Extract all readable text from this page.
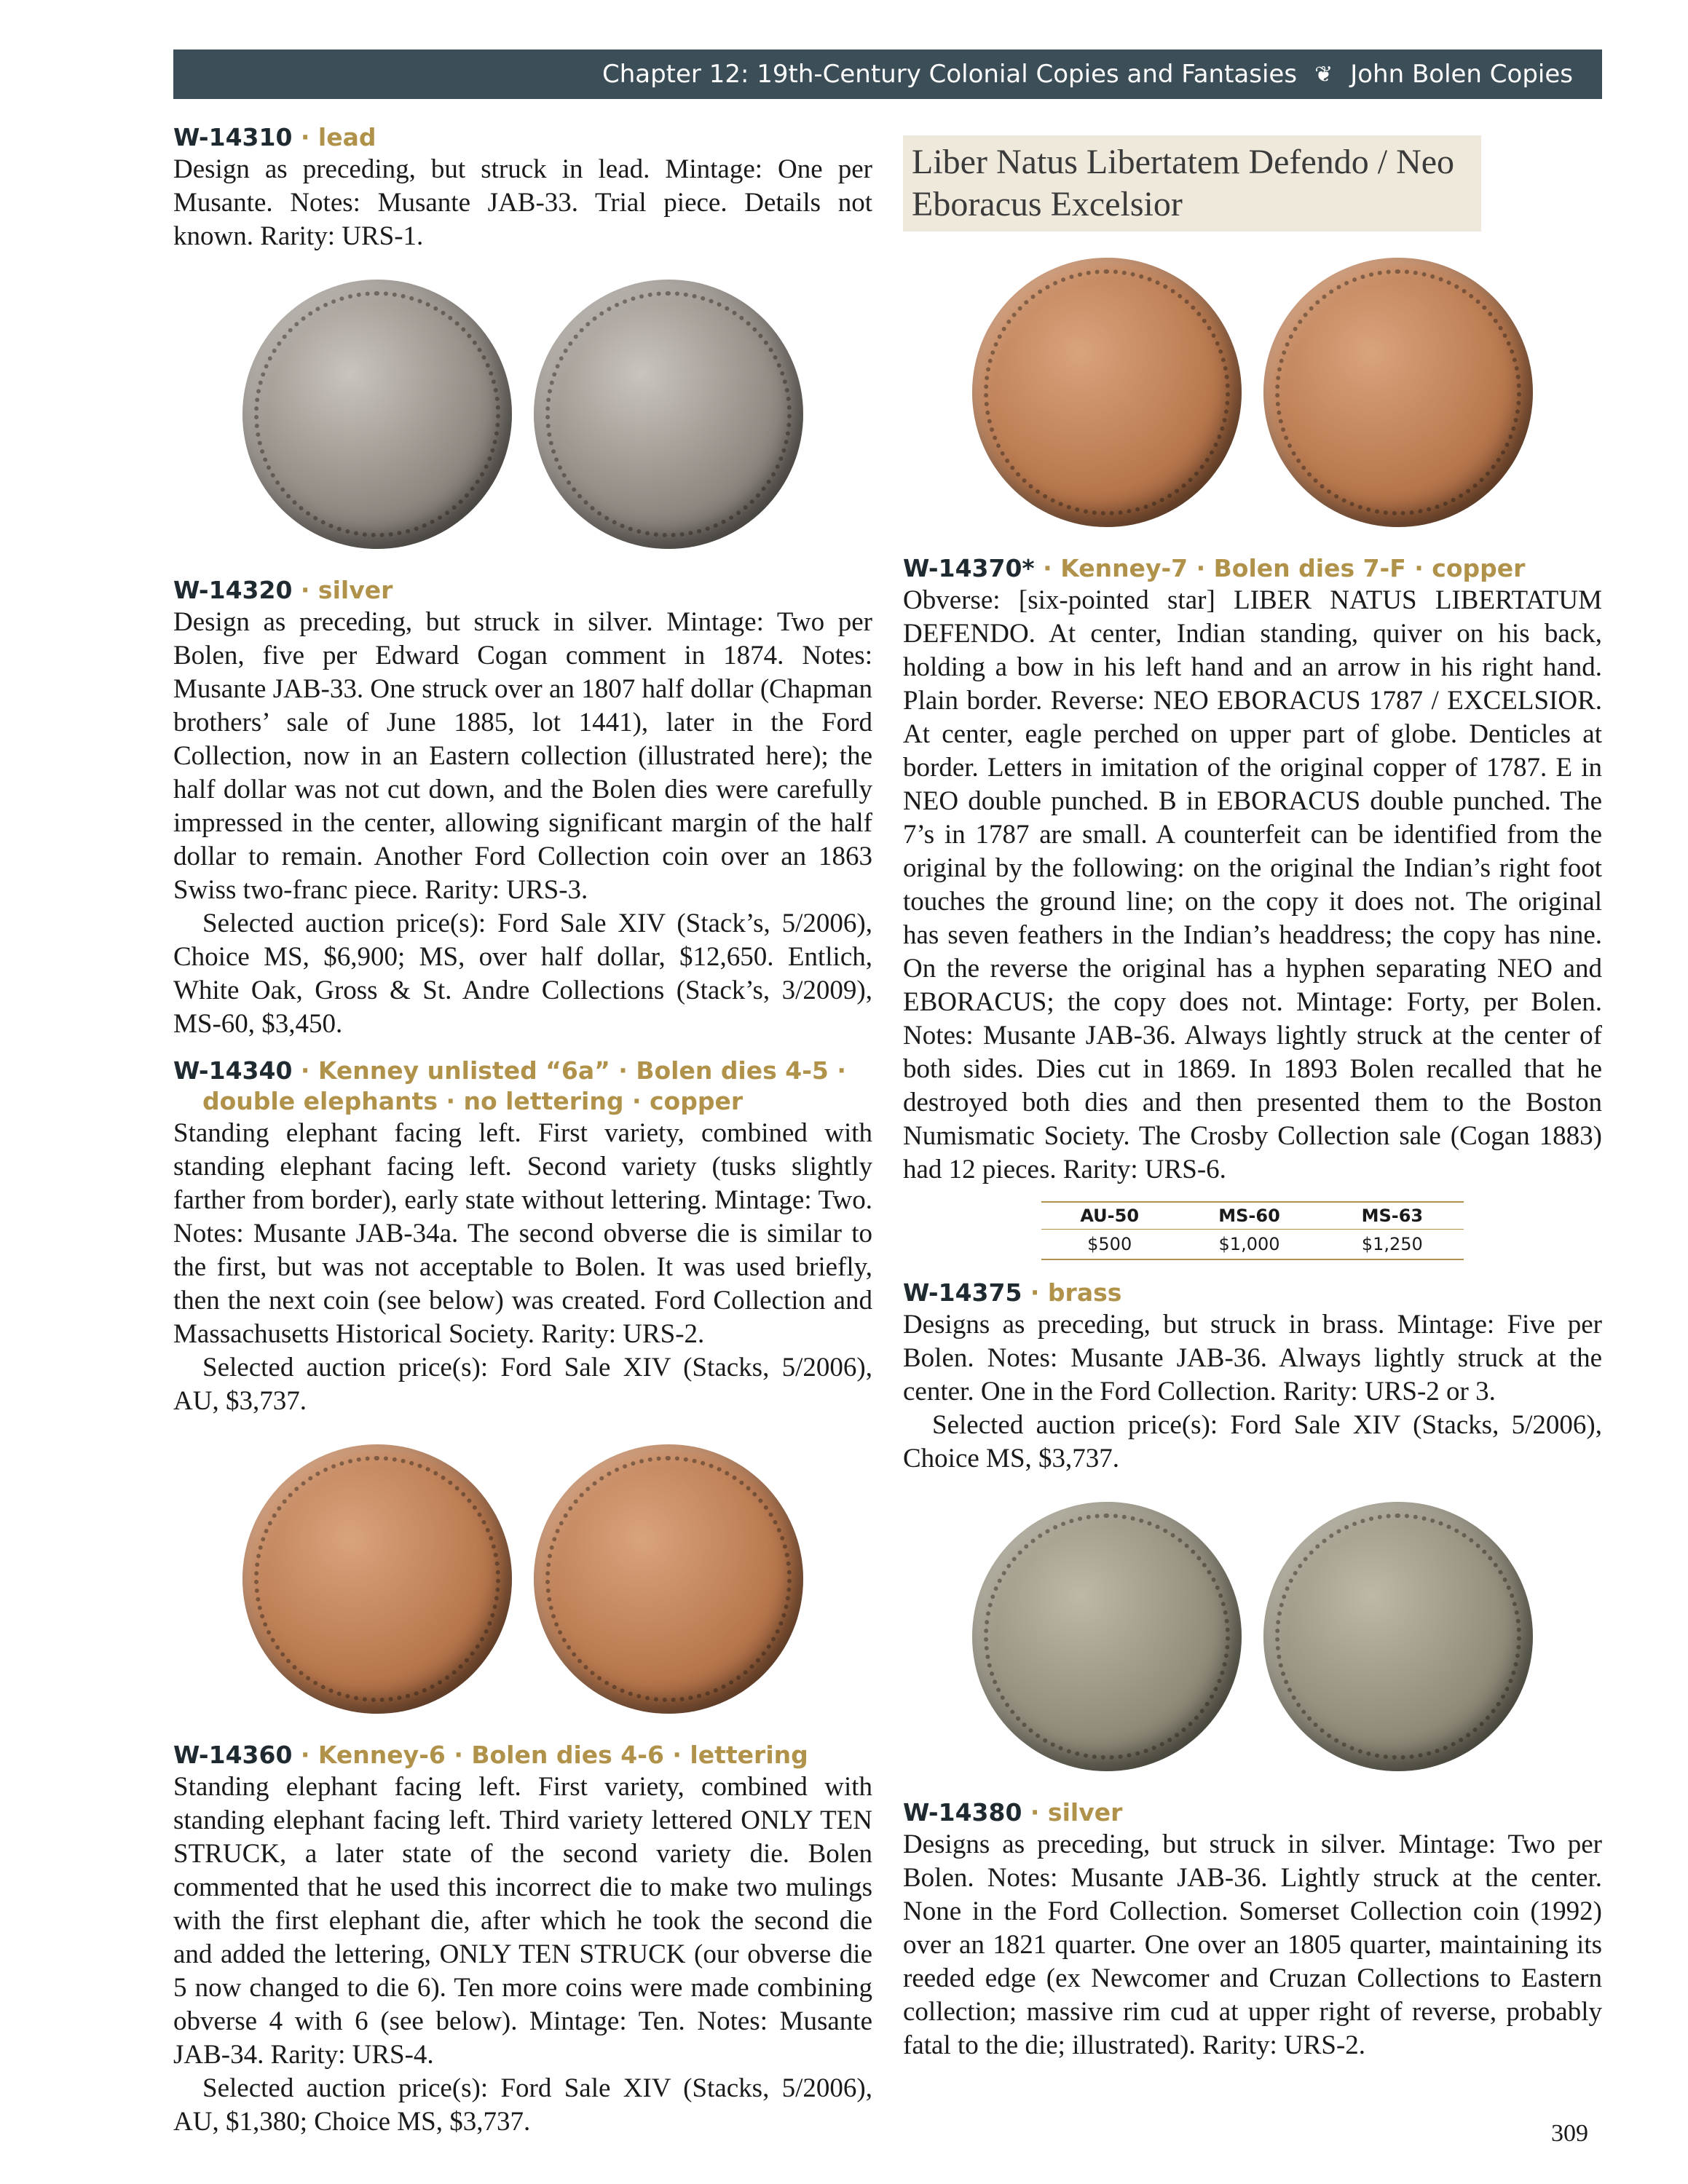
Chapter 12: 19th-Century Colonial Copies and Fantasies ❦ John Bolen Copies
W-14310 · lead

Design as preceding, but struck in lead. Mintage: One per Musante. Notes: Musante JAB-33. Trial piece. Details not known. Rarity: URS-1.

W-14320 · silver

Design as preceding, but struck in silver. Mintage: Two per Bolen, five per Edward Cogan comment in 1874. Notes: Musante JAB-33. One struck over an 1807 half dollar (Chapman brothers’ sale of June 1885, lot 1441), later in the Ford Collection, now in an Eastern collection (illustrated here); the half dollar was not cut down, and the Bolen dies were carefully impressed in the center, allowing significant margin of the half dollar to remain. Another Ford Collection coin over an 1863 Swiss two-franc piece. Rarity: URS-3.

Selected auction price(s): Ford Sale XIV (Stack’s, 5/2006), Choice MS, $6,900; MS, over half dollar, $12,650. Entlich, White Oak, Gross & St. Andre Collections (Stack’s, 3/2009), MS-60, $3,450.

W-14340 · Kenney unlisted “6a” · Bolen dies 4-5 · double elephants · no lettering · copper

Standing elephant facing left. First variety, combined with standing elephant facing left. Second variety (tusks slightly farther from border), early state without lettering. Mintage: Two. Notes: Musante JAB-34a. The second obverse die is similar to the first, but was not acceptable to Bolen. It was used briefly, then the next coin (see below) was created. Ford Collection and Massachusetts Historical Society. Rarity: URS-2.

Selected auction price(s): Ford Sale XIV (Stacks, 5/2006), AU, $3,737.

W-14360 · Kenney-6 · Bolen dies 4-6 · lettering

Standing elephant facing left. First variety, combined with standing elephant facing left. Third variety lettered ONLY TEN STRUCK, a later state of the second variety die. Bolen commented that he used this incorrect die to make two mulings with the first elephant die, after which he took the second die and added the lettering, ONLY TEN STRUCK (our obverse die 5 now changed to die 6). Ten more coins were made combining obverse 4 with 6 (see below). Mintage: Ten. Notes: Musante JAB-34. Rarity: URS-4.

Selected auction price(s): Ford Sale XIV (Stacks, 5/2006), AU, $1,380; Choice MS, $3,737.

Liber Natus Libertatem Defendo / Neo Eboracus Excelsior
W-14370* · Kenney-7 · Bolen dies 7-F · copper

Obverse: [six-pointed star] LIBER NATUS LIBERTATUM DEFENDO. At center, Indian standing, quiver on his back, holding a bow in his left hand and an arrow in his right hand. Plain border. Reverse: NEO EBORACUS 1787 / EXCELSIOR. At center, eagle perched on upper part of globe. Denticles at border. Letters in imitation of the original copper of 1787. E in NEO double punched. B in EBORACUS double punched. The 7’s in 1787 are small. A counterfeit can be identified from the original by the following: on the original the Indian’s right foot touches the ground line; on the copy it does not. The original has seven feathers in the Indian’s headdress; the copy has nine. On the reverse the original has a hyphen separating NEO and EBORACUS; the copy does not. Mintage: Forty, per Bolen. Notes: Musante JAB-36. Always lightly struck at the center of both sides. Dies cut in 1869. In 1893 Bolen recalled that he destroyed both dies and then presented them to the Boston Numismatic Society. The Crosby Collection sale (Cogan 1883) had 12 pieces. Rarity: URS-6.

AU-50	MS-60	MS-63
$500	$1,000	$1,250
W-14375 · brass

Designs as preceding, but struck in brass. Mintage: Five per Bolen. Notes: Musante JAB-36. Always lightly struck at the center. One in the Ford Collection. Rarity: URS-2 or 3.

Selected auction price(s): Ford Sale XIV (Stacks, 5/2006), Choice MS, $3,737.

W-14380 · silver

Designs as preceding, but struck in silver. Mintage: Two per Bolen. Notes: Musante JAB-36. Lightly struck at the center. None in the Ford Collection. Somerset Collection coin (1992) over an 1821 quarter. One over an 1805 quarter, maintaining its reeded edge (ex Newcomer and Cruzan Collections to Eastern collection; massive rim cud at upper right of reverse, probably fatal to the die; illustrated). Rarity: URS-2.

309
